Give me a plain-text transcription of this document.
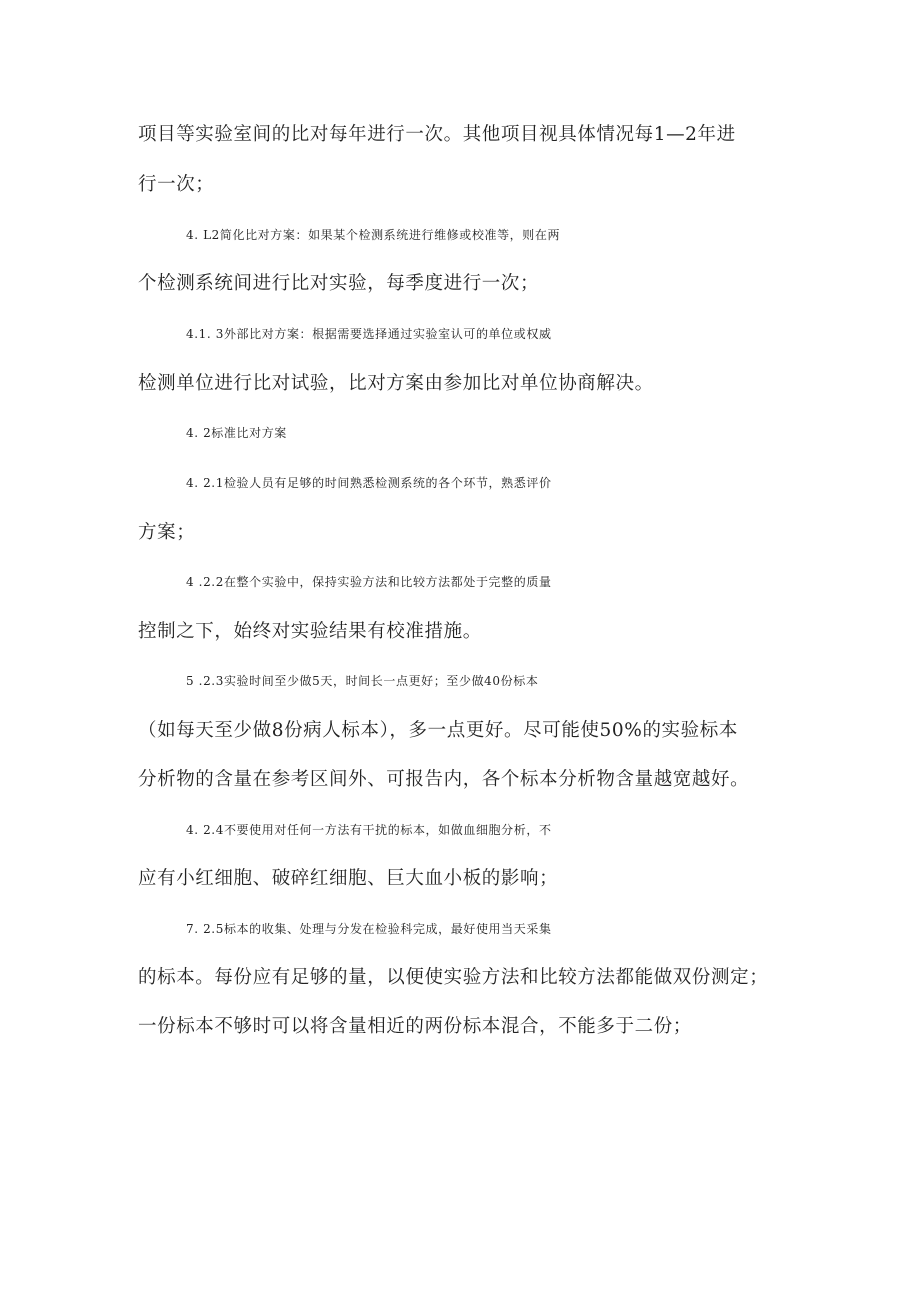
项目等实验室间的比对每年进行一次。其他项目视具体情况每1—2年进
行一次；
4. L2简化比对方案：如果某个检测系统进行维修或校准等，则在两
个检测系统间进行比对实验，每季度进行一次；
4.1. 3外部比对方案：根据需要选择通过实验室认可的单位或权威
检测单位进行比对试验，比对方案由参加比对单位协商解决。
4. 2标准比对方案
4. 2.1检验人员有足够的时间熟悉检测系统的各个环节，熟悉评价
方案；
4 .2.2在整个实验中，保持实验方法和比较方法都处于完整的质量
控制之下，始终对实验结果有校准措施。
5 .2.3实验时间至少做5天，时间长一点更好；至少做40份标本
（如每天至少做8份病人标本），多一点更好。尽可能使50%的实验标本
分析物的含量在参考区间外、可报告内，各个标本分析物含量越宽越好。
4. 2.4不要使用对任何一方法有干扰的标本，如做血细胞分析，不
应有小红细胞、破碎红细胞、巨大血小板的影响；
7. 2.5标本的收集、处理与分发在检验科完成，最好使用当天采集
的标本。每份应有足够的量，以便使实验方法和比较方法都能做双份测定；
一份标本不够时可以将含量相近的两份标本混合，不能多于二份；
